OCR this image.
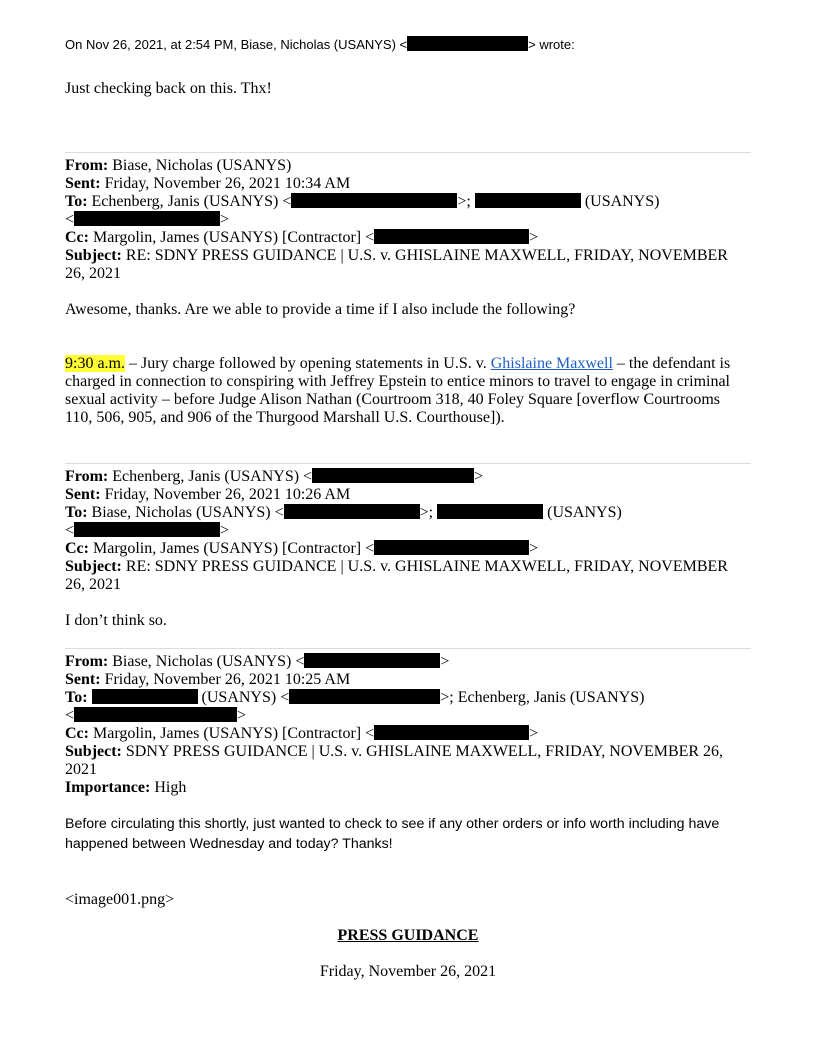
On Nov 26, 2021, at 2:54 PM, Biase, Nicholas (USANYS) <	> wrote:
Just checking back on this. Thx!
From: Biase, Nicholas (USANYS)
Sent: Friday, November 26, 2021 10:34 AM
To: Echenberg, Janis (USANYS) <	>;	(USANYS)
<	>
Cc: Margolin, James (USANYS) [Contractor] <	>
Subject: RE: SDNY PRESS GUIDANCE | U.S. v. GHISLAINE MAXWELL, FRIDAY, NOVEMBER
26, 2021
Awesome, thanks. Are we able to provide a time if I also include the following?
9:30 a.m. – Jury charge followed by opening statements in U.S. v. Ghislaine Maxwell – the defendant is
charged in connection to conspiring with Jeffrey Epstein to entice minors to travel to engage in criminal
sexual activity – before Judge Alison Nathan (Courtroom 318, 40 Foley Square [overflow Courtrooms
110, 506, 905, and 906 of the Thurgood Marshall U.S. Courthouse]).
From: Echenberg, Janis (USANYS) <	>
Sent: Friday, November 26, 2021 10:26 AM
To: Biase, Nicholas (USANYS) <	>;	(USANYS)
<	>
Cc: Margolin, James (USANYS) [Contractor] <	>
Subject: RE: SDNY PRESS GUIDANCE | U.S. v. GHISLAINE MAXWELL, FRIDAY, NOVEMBER
26, 2021
I don’t think so.
From: Biase, Nicholas (USANYS) <	>
Sent: Friday, November 26, 2021 10:25 AM
To:	(USANYS) <	>; Echenberg, Janis (USANYS)
<	>
Cc: Margolin, James (USANYS) [Contractor] <	>
Subject: SDNY PRESS GUIDANCE | U.S. v. GHISLAINE MAXWELL, FRIDAY, NOVEMBER 26,
2021
Importance: High
Before circulating this shortly, just wanted to check to see if any other orders or info worth including have
happened between Wednesday and today? Thanks!
<image001.png>
PRESS GUIDANCE
Friday, November 26, 2021
